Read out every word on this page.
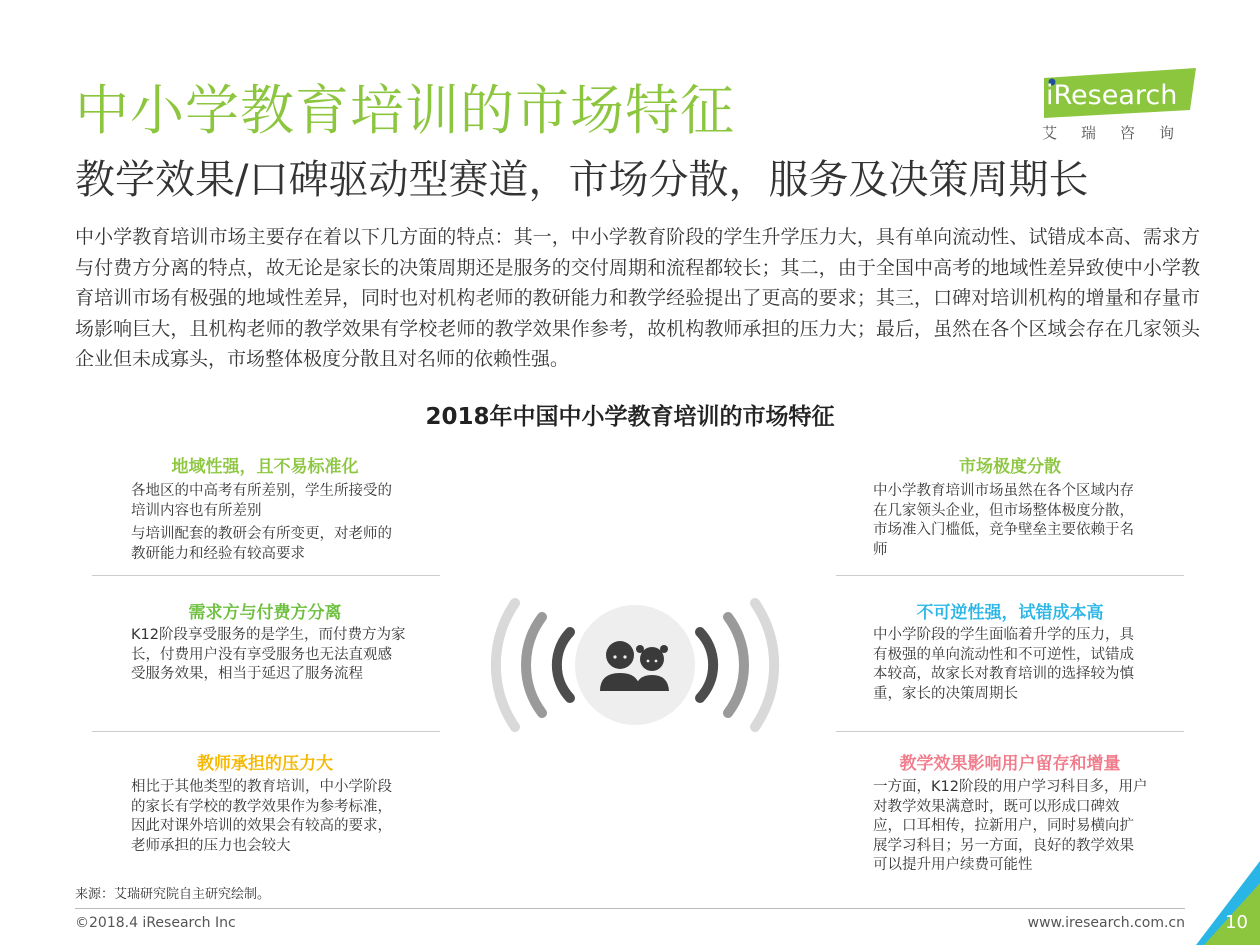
中小学教育培训的市场特征
教学效果/口碑驱动型赛道，市场分散，服务及决策周期长
iResearch
艾瑞咨询
中小学教育培训市场主要存在着以下几方面的特点：其一，中小学教育阶段的学生升学压力大，具有单向流动性、试错成本高、需求方与付费方分离的特点，故无论是家长的决策周期还是服务的交付周期和流程都较长；其二，由于全国中高考的地域性差异致使中小学教育培训市场有极强的地域性差异，同时也对机构老师的教研能力和教学经验提出了更高的要求；其三，口碑对培训机构的增量和存量市场影响巨大，且机构老师的教学效果有学校老师的教学效果作参考，故机构教师承担的压力大；最后，虽然在各个区域会存在几家领头企业但未成寡头，市场整体极度分散且对名师的依赖性强。
2018年中国中小学教育培训的市场特征
地域性强，且不易标准化
各地区的中高考有所差别，学生所接受的培训内容也有所差别
与培训配套的教研会有所变更，对老师的教研能力和经验有较高要求
需求方与付费方分离
K12阶段享受服务的是学生，而付费方为家长，付费用户没有享受服务也无法直观感受服务效果，相当于延迟了服务流程
教师承担的压力大
相比于其他类型的教育培训，中小学阶段的家长有学校的教学效果作为参考标准，因此对课外培训的效果会有较高的要求，老师承担的压力也会较大
市场极度分散
中小学教育培训市场虽然在各个区域内存在几家领头企业，但市场整体极度分散，市场准入门槛低，竞争壁垒主要依赖于名师
不可逆性强，试错成本高
中小学阶段的学生面临着升学的压力，具有极强的单向流动性和不可逆性，试错成本较高，故家长对教育培训的选择较为慎重，家长的决策周期长
教学效果影响用户留存和增量
一方面，K12阶段的用户学习科目多，用户对教学效果满意时，既可以形成口碑效应，口耳相传，拉新用户，同时易横向扩展学习科目；另一方面，良好的教学效果可以提升用户续费可能性
来源：艾瑞研究院自主研究绘制。
©2018.4 iResearch Inc	www.iresearch.com.cn 10
